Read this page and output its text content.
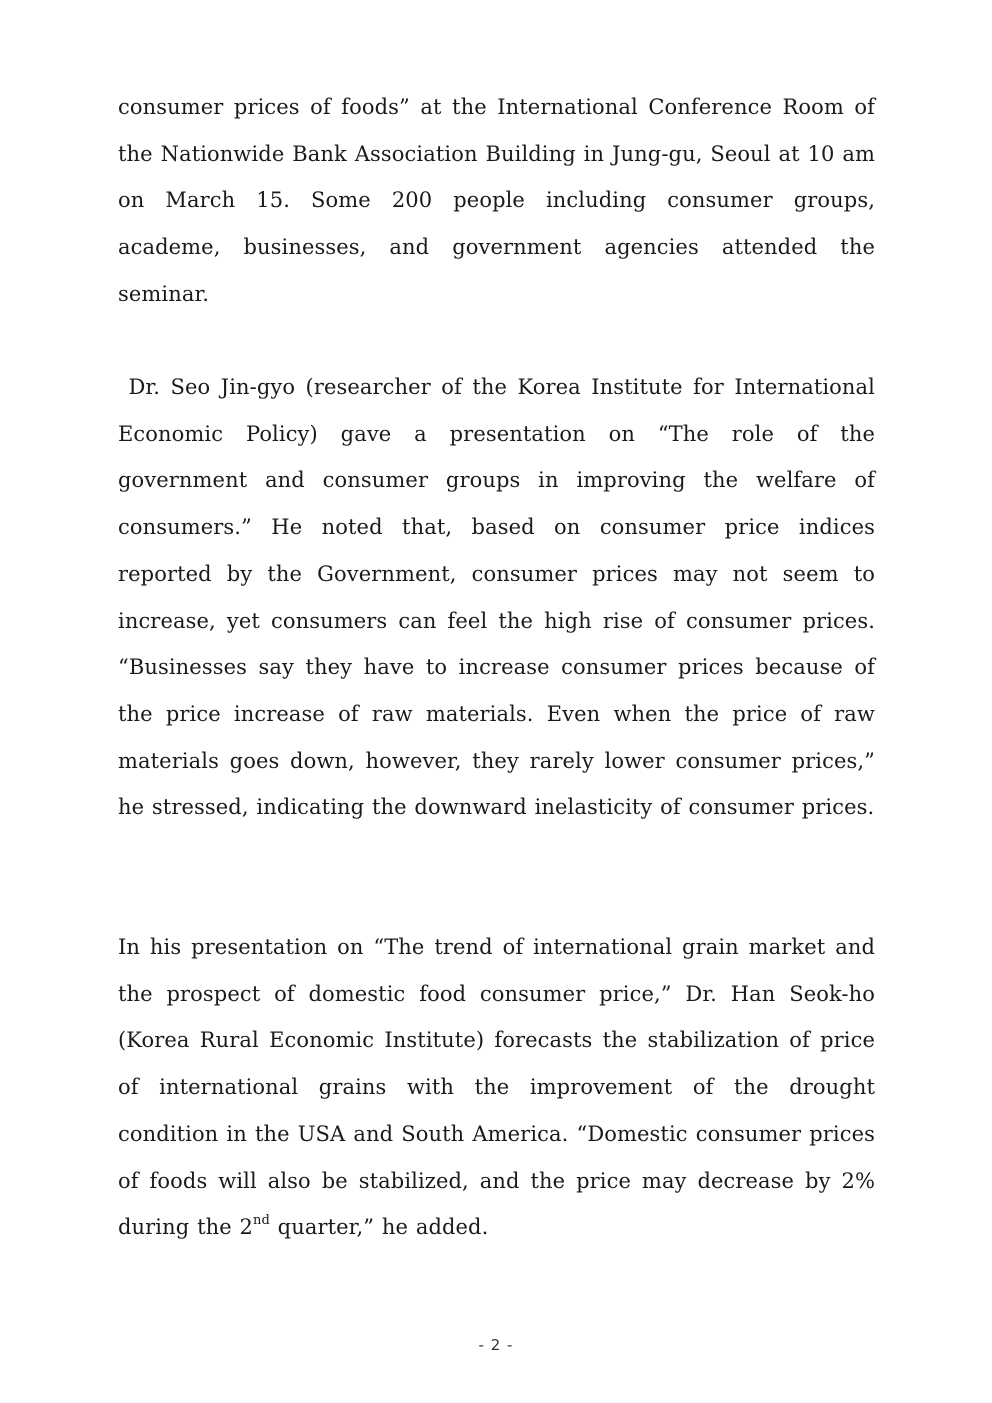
consumer prices of foods” at the International Conference Room of the Nationwide Bank Association Building in Jung-gu, Seoul at 10 am on March 15. Some 200 people including consumer groups, academe, businesses, and government agencies attended the seminar.

Dr. Seo Jin-gyo (researcher of the Korea Institute for International Economic Policy) gave a presentation on “The role of the government and consumer groups in improving the welfare of consumers.” He noted that, based on consumer price indices reported by the Government, consumer prices may not seem to increase, yet consumers can feel the high rise of consumer prices. “Businesses say they have to increase consumer prices because of the price increase of raw materials. Even when the price of raw materials goes down, however, they rarely lower consumer prices,” he stressed, indicating the downward inelasticity of consumer prices.

In his presentation on “The trend of international grain market and the prospect of domestic food consumer price,” Dr. Han Seok-ho (Korea Rural Economic Institute) forecasts the stabilization of price of international grains with the improvement of the drought condition in the USA and South America. “Domestic consumer prices of foods will also be stabilized, and the price may decrease by 2% during the 2nd quarter,” he added.

- 2 -
